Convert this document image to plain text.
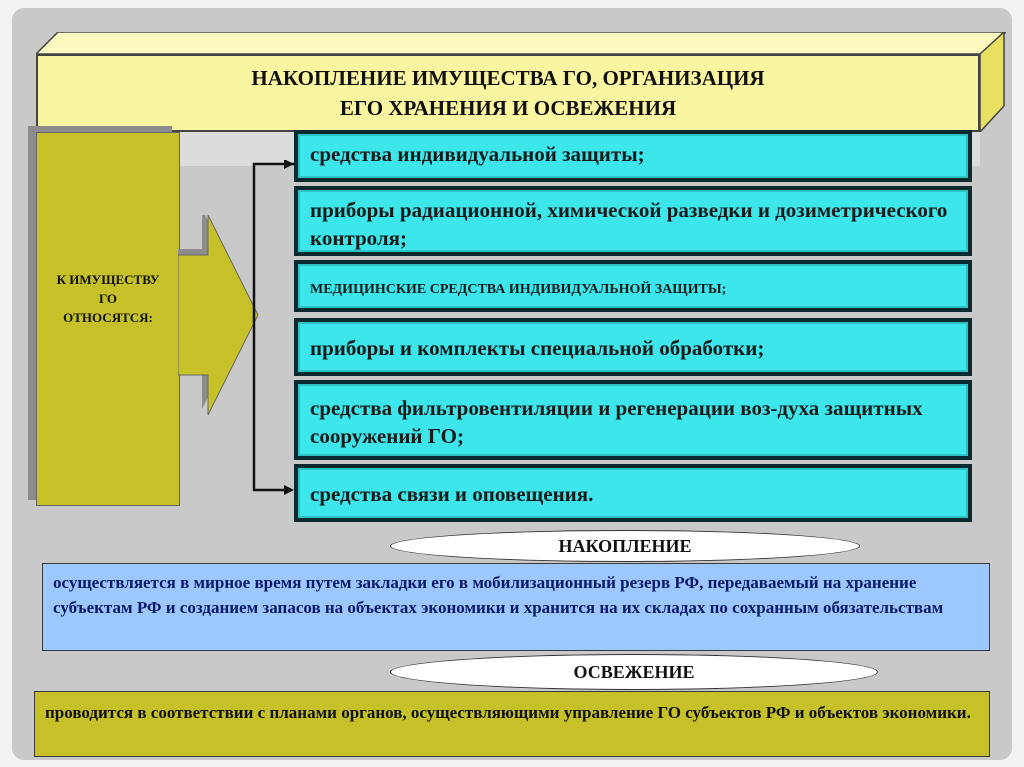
НАКОПЛЕНИЕ ИМУЩЕСТВА ГО, ОРГАНИЗАЦИЯ
ЕГО ХРАНЕНИЯ И ОСВЕЖЕНИЯ
К ИМУЩЕСТВУ
ГО
ОТНОСЯТСЯ:
средства индивидуальной защиты;
приборы радиационной, химической разведки и дозиметрического контроля;
МЕДИЦИНСКИЕ СРЕДСТВА ИНДИВИДУАЛЬНОЙ ЗАЩИТЫ;
приборы и комплекты специальной обработки;
средства фильтровентиляции и регенерации воз-духа защитных сооружений ГО;
средства связи и оповещения.
НАКОПЛЕНИЕ
осуществляется в мирное время путем закладки его в мобилизационный резерв РФ, передаваемый на хранение субъектам РФ и созданием запасов на объектах экономики и хранится на их складах по сохранным обязательствам
ОСВЕЖЕНИЕ
проводится в соответствии с планами органов, осуществляющими управление ГО субъектов РФ и объектов экономики.
